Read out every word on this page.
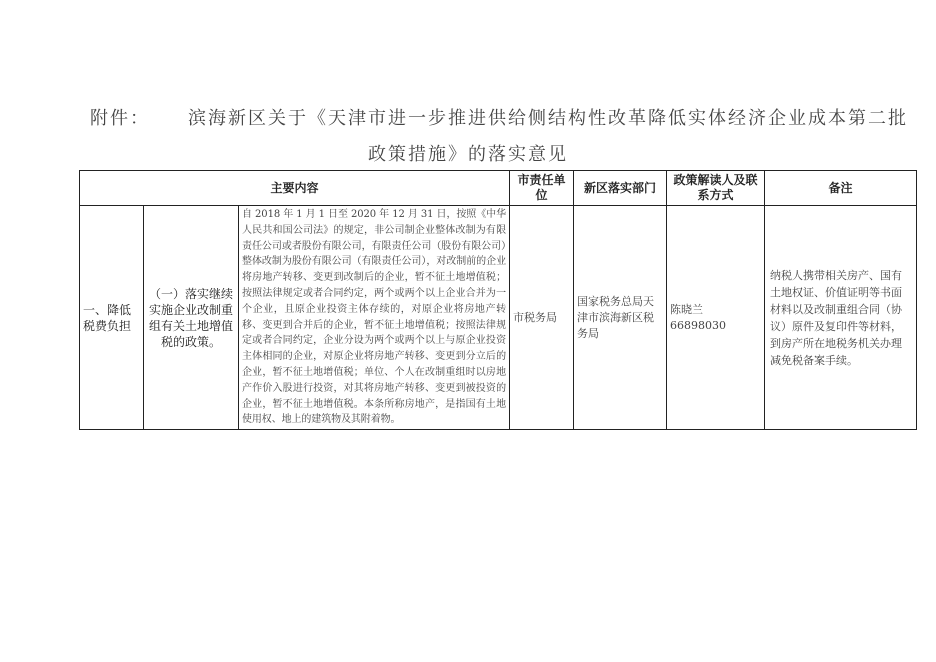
附件： 滨海新区关于《天津市进一步推进供给侧结构性改革降低实体经济企业成本第二批
政策措施》的落实意见
主要内容			市责任单位	新区落实部门	政策解读人及联系方式	备注
一、降低税费负担	（一）落实继续实施企业改制重组有关土地增值税的政策。	自 2018 年 1 月 1 日至 2020 年 12 月 31 日，按照《中华人民共和国公司法》的规定，非公司制企业整体改制为有限责任公司或者股份有限公司，有限责任公司（股份有限公司）整体改制为股份有限公司（有限责任公司），对改制前的企业将房地产转移、变更到改制后的企业，暂不征土地增值税；按照法律规定或者合同约定，两个或两个以上企业合并为一个企业，且原企业投资主体存续的，对原企业将房地产转移、变更到合并后的企业，暂不征土地增值税；按照法律规定或者合同约定，企业分设为两个或两个以上与原企业投资主体相同的企业，对原企业将房地产转移、变更到分立后的企业，暂不征土地增值税；单位、个人在改制重组时以房地产作价入股进行投资，对其将房地产转移、变更到被投资的企业，暂不征土地增值税。本条所称房地产，是指国有土地使用权、地上的建筑物及其附着物。	市税务局	国家税务总局天津市滨海新区税务局	陈晓兰
66898030	纳税人携带相关房产、国有土地权证、价值证明等书面材料以及改制重组合同（协议）原件及复印件等材料，到房产所在地税务机关办理减免税备案手续。
